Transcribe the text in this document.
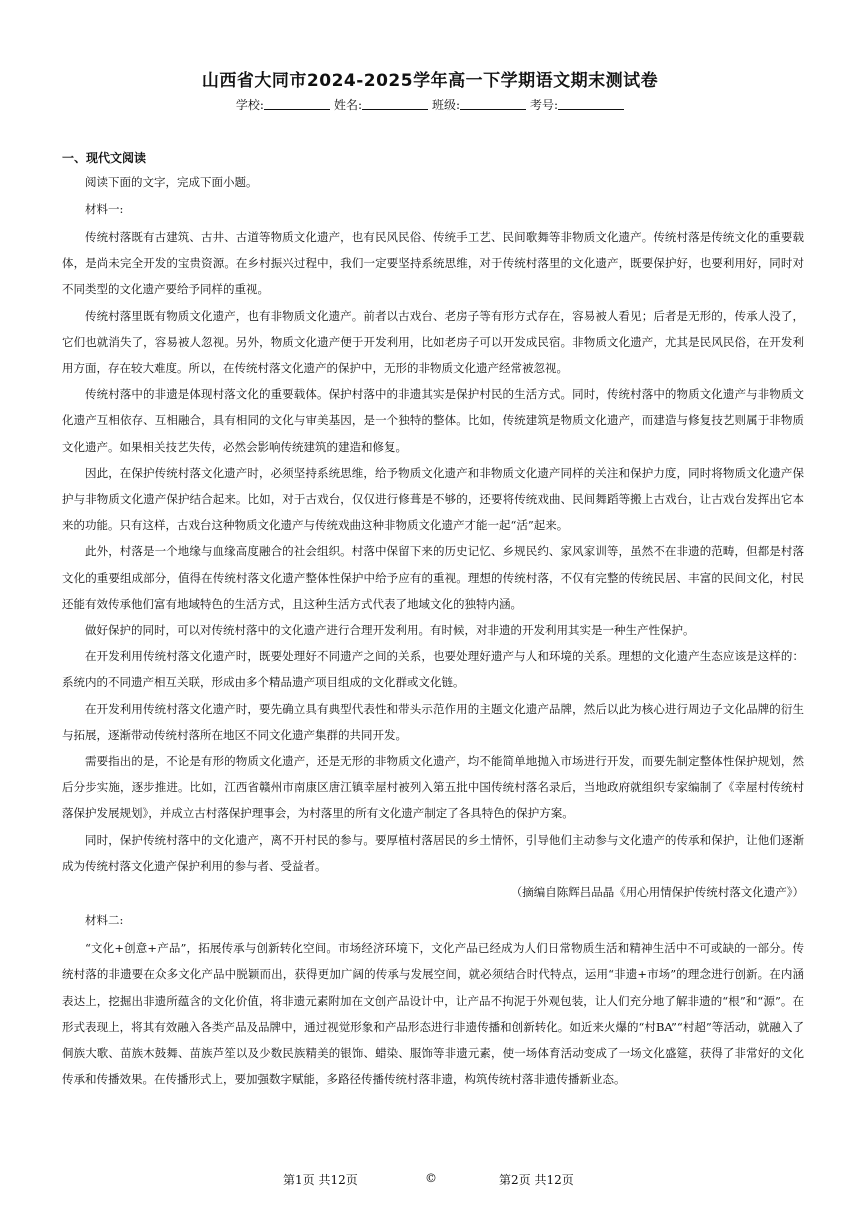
山西省大同市2024-2025学年高一下学期语文期末测试卷
学校:	姓名:	班级:	考号:
一、现代文阅读

阅读下面的文字，完成下面小题。

材料一:

传统村落既有古建筑、古井、古道等物质文化遗产，也有民风民俗、传统手工艺、民间歌舞等非物质文化遗产。传统村落是传统文化的重要载体，是尚未完全开发的宝贵资源。在乡村振兴过程中，我们一定要坚持系统思维，对于传统村落里的文化遗产，既要保护好，也要利用好，同时对不同类型的文化遗产要给予同样的重视。

传统村落里既有物质文化遗产，也有非物质文化遗产。前者以古戏台、老房子等有形方式存在，容易被人看见；后者是无形的，传承人没了，它们也就消失了，容易被人忽视。另外，物质文化遗产便于开发利用，比如老房子可以开发成民宿。非物质文化遗产，尤其是民风民俗，在开发利用方面，存在较大难度。所以，在传统村落文化遗产的保护中，无形的非物质文化遗产经常被忽视。

传统村落中的非遗是体现村落文化的重要载体。保护村落中的非遗其实是保护村民的生活方式。同时，传统村落中的物质文化遗产与非物质文化遗产互相依存、互相融合，具有相同的文化与审美基因，是一个独特的整体。比如，传统建筑是物质文化遗产，而建造与修复技艺则属于非物质文化遗产。如果相关技艺失传，必然会影响传统建筑的建造和修复。

因此，在保护传统村落文化遗产时，必须坚持系统思维，给予物质文化遗产和非物质文化遗产同样的关注和保护力度，同时将物质文化遗产保护与非物质文化遗产保护结合起来。比如，对于古戏台，仅仅进行修葺是不够的，还要将传统戏曲、民间舞蹈等搬上古戏台，让古戏台发挥出它本来的功能。只有这样，古戏台这种物质文化遗产与传统戏曲这种非物质文化遗产才能一起“活”起来。

此外，村落是一个地缘与血缘高度融合的社会组织。村落中保留下来的历史记忆、乡规民约、家风家训等，虽然不在非遗的范畴，但都是村落文化的重要组成部分，值得在传统村落文化遗产整体性保护中给予应有的重视。理想的传统村落，不仅有完整的传统民居、丰富的民间文化，村民还能有效传承他们富有地域特色的生活方式，且这种生活方式代表了地域文化的独特内涵。

做好保护的同时，可以对传统村落中的文化遗产进行合理开发利用。有时候，对非遗的开发利用其实是一种生产性保护。

在开发利用传统村落文化遗产时，既要处理好不同遗产之间的关系，也要处理好遗产与人和环境的关系。理想的文化遗产生态应该是这样的：系统内的不同遗产相互关联，形成由多个精品遗产项目组成的文化群或文化链。

在开发利用传统村落文化遗产时，要先确立具有典型代表性和带头示范作用的主题文化遗产品牌，然后以此为核心进行周边子文化品牌的衍生与拓展，逐渐带动传统村落所在地区不同文化遗产集群的共同开发。

需要指出的是，不论是有形的物质文化遗产，还是无形的非物质文化遗产，均不能简单地抛入市场进行开发，而要先制定整体性保护规划，然后分步实施，逐步推进。比如，江西省赣州市南康区唐江镇幸屋村被列入第五批中国传统村落名录后，当地政府就组织专家编制了《幸屋村传统村落保护发展规划》，并成立古村落保护理事会，为村落里的所有文化遗产制定了各具特色的保护方案。

同时，保护传统村落中的文化遗产，离不开村民的参与。要厚植村落居民的乡土情怀，引导他们主动参与文化遗产的传承和保护，让他们逐渐成为传统村落文化遗产保护利用的参与者、受益者。

（摘编自陈辉吕品晶《用心用情保护传统村落文化遗产》）

材料二:

“文化+创意+产品”，拓展传承与创新转化空间。市场经济环境下，文化产品已经成为人们日常物质生活和精神生活中不可或缺的一部分。传统村落的非遗要在众多文化产品中脱颖而出，获得更加广阔的传承与发展空间，就必须结合时代特点，运用“非遗+市场”的理念进行创新。在内涵表达上，挖掘出非遗所蕴含的文化价值，将非遗元素附加在文创产品设计中，让产品不拘泥于外观包装，让人们充分地了解非遗的“根”和“源”。在形式表现上，将其有效融入各类产品及品牌中，通过视觉形象和产品形态进行非遗传播和创新转化。如近来火爆的“村BA”“村超”等活动，就融入了侗族大歌、苗族木鼓舞、苗族芦笙以及少数民族精美的银饰、蜡染、服饰等非遗元素，使一场体育活动变成了一场文化盛筵，获得了非常好的文化传承和传播效果。在传播形式上，要加强数字赋能，多路径传播传统村落非遗，构筑传统村落非遗传播新业态。

第1页 共12页	©	第2页 共12页
